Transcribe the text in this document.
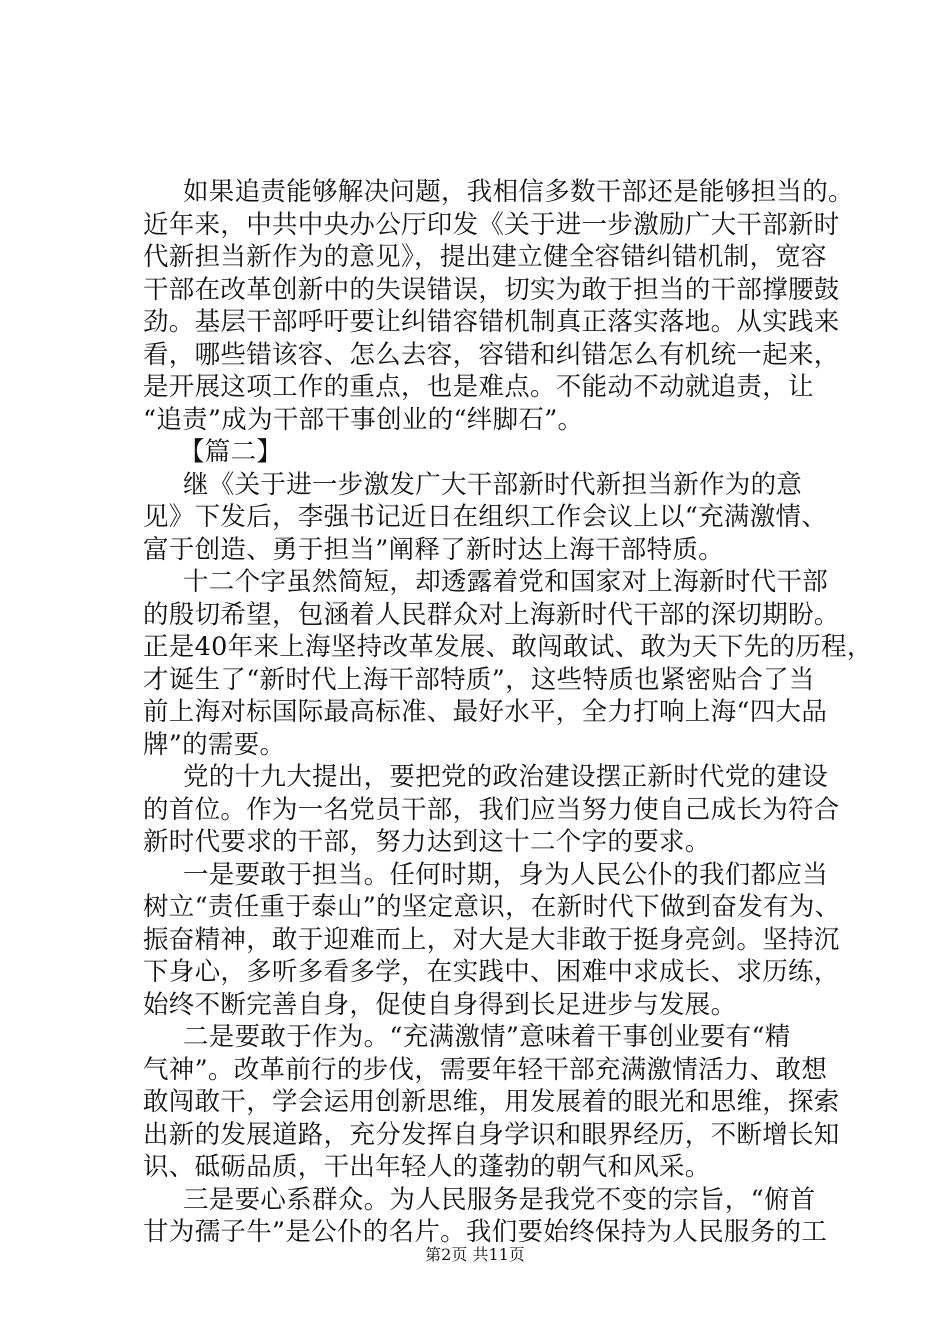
如果追责能够解决问题，我相信多数干部还是能够担当的。
近年来，中共中央办公厅印发《关于进一步激励广大干部新时
代新担当新作为的意见》，提出建立健全容错纠错机制，宽容
干部在改革创新中的失误错误，切实为敢于担当的干部撑腰鼓
劲。基层干部呼吁要让纠错容错机制真正落实落地。从实践来
看，哪些错该容、怎么去容，容错和纠错怎么有机统一起来，
是开展这项工作的重点，也是难点。不能动不动就追责，让
“追责”成为干部干事创业的“绊脚石”。
【篇二】
继《关于进一步激发广大干部新时代新担当新作为的意
见》下发后，李强书记近日在组织工作会议上以“充满激情、
富于创造、勇于担当”阐释了新时达上海干部特质。
十二个字虽然简短，却透露着党和国家对上海新时代干部
的殷切希望，包涵着人民群众对上海新时代干部的深切期盼。
正是40年来上海坚持改革发展、敢闯敢试、敢为天下先的历程，
才诞生了“新时代上海干部特质”，这些特质也紧密贴合了当
前上海对标国际最高标准、最好水平，全力打响上海“四大品
牌”的需要。
党的十九大提出，要把党的政治建设摆正新时代党的建设
的首位。作为一名党员干部，我们应当努力使自己成长为符合
新时代要求的干部，努力达到这十二个字的要求。
一是要敢于担当。任何时期，身为人民公仆的我们都应当
树立“责任重于泰山”的坚定意识，在新时代下做到奋发有为、
振奋精神，敢于迎难而上，对大是大非敢于挺身亮剑。坚持沉
下身心，多听多看多学，在实践中、困难中求成长、求历练，
始终不断完善自身，促使自身得到长足进步与发展。
二是要敢于作为。“充满激情”意味着干事创业要有“精
气神”。改革前行的步伐，需要年轻干部充满激情活力、敢想
敢闯敢干，学会运用创新思维，用发展着的眼光和思维，探索
出新的发展道路，充分发挥自身学识和眼界经历，不断增长知
识、砥砺品质，干出年轻人的蓬勃的朝气和风采。
三是要心系群众。为人民服务是我党不变的宗旨，“俯首
甘为孺子牛”是公仆的名片。我们要始终保持为人民服务的工
第2页 共11页
